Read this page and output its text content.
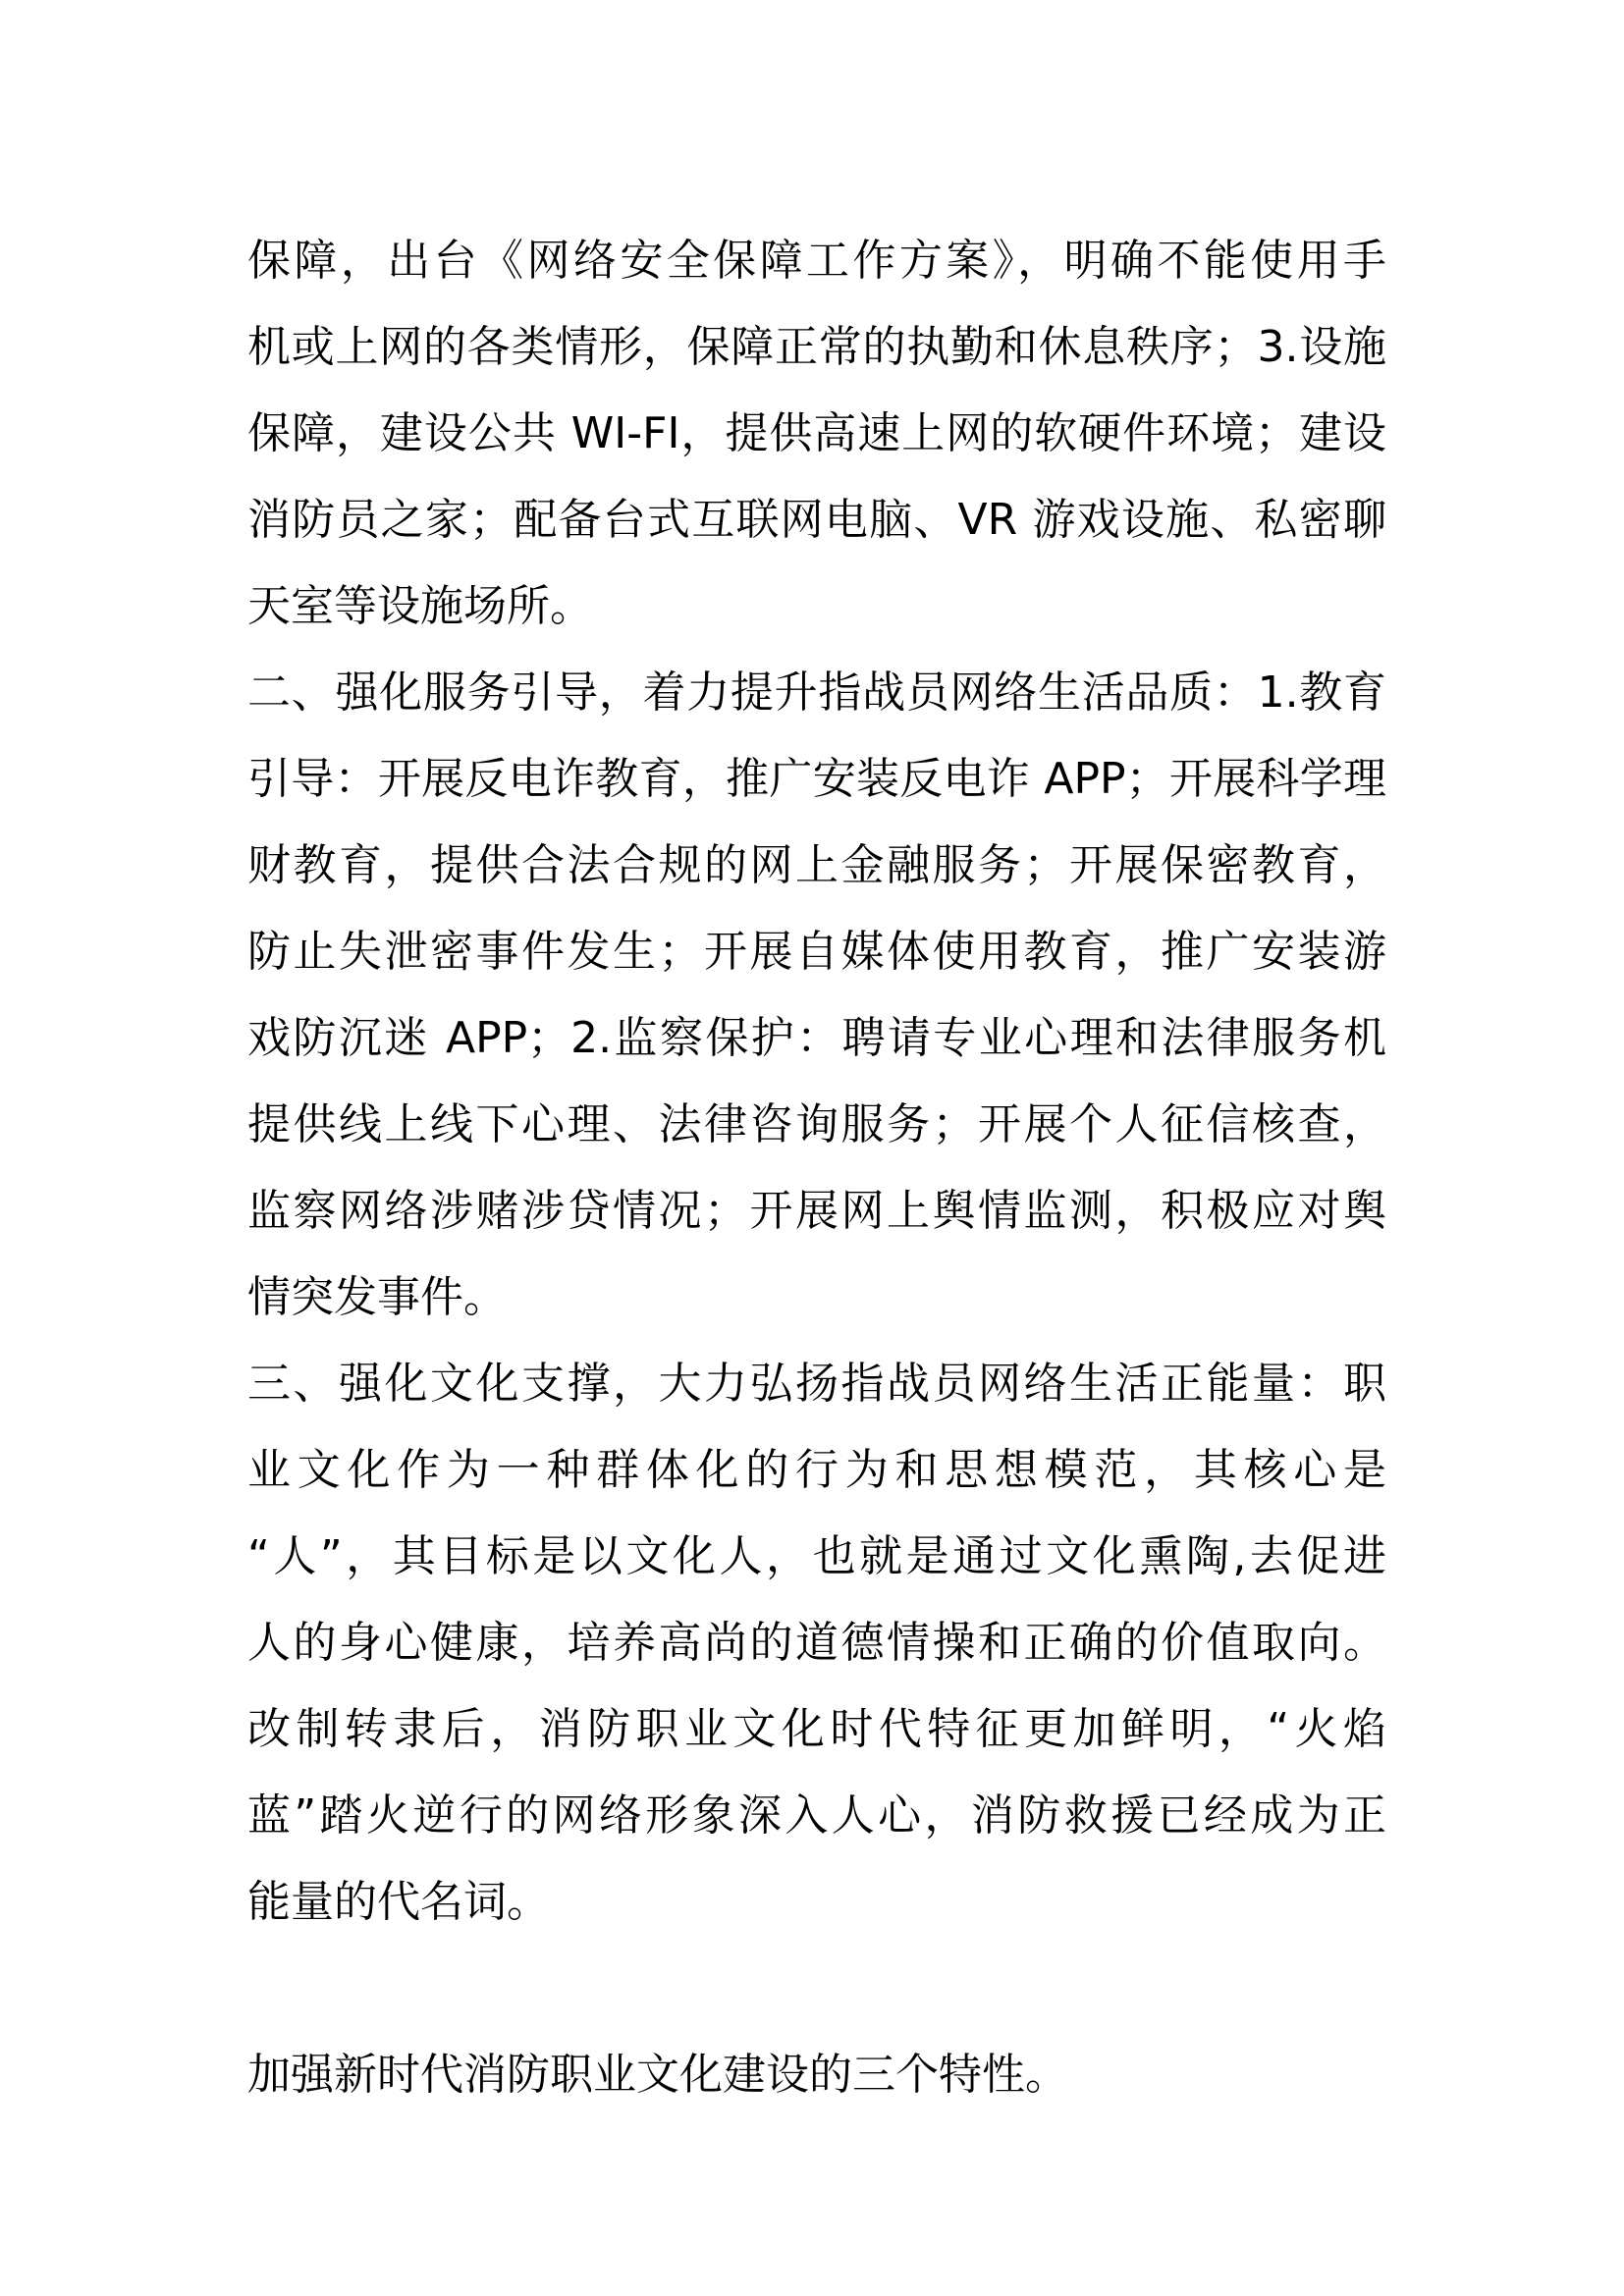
保障，出台《网络安全保障工作方案》，明确不能使用手
机或上网的各类情形，保障正常的执勤和休息秩序；3.设施
保障，建设公共 WI-FI，提供高速上网的软硬件环境；建设
消防员之家；配备台式互联网电脑、VR 游戏设施、私密聊
天室等设施场所。
二、强化服务引导，着力提升指战员网络生活品质：1.教育
引导：开展反电诈教育，推广安装反电诈 APP；开展科学理
财教育，提供合法合规的网上金融服务；开展保密教育，
防止失泄密事件发生；开展自媒体使用教育，推广安装游
戏防沉迷 APP；2.监察保护：聘请专业心理和法律服务机
提供线上线下心理、法律咨询服务；开展个人征信核查，
监察网络涉赌涉贷情况；开展网上舆情监测，积极应对舆
情突发事件。
三、强化文化支撑，大力弘扬指战员网络生活正能量：职
业文化作为一种群体化的行为和思想模范，其核心是
“人”，其目标是以文化人，也就是通过文化熏陶,去促进
人的身心健康，培养高尚的道德情操和正确的价值取向。
改制转隶后，消防职业文化时代特征更加鲜明，“火焰
蓝”踏火逆行的网络形象深入人心，消防救援已经成为正
能量的代名词。
加强新时代消防职业文化建设的三个特性。
